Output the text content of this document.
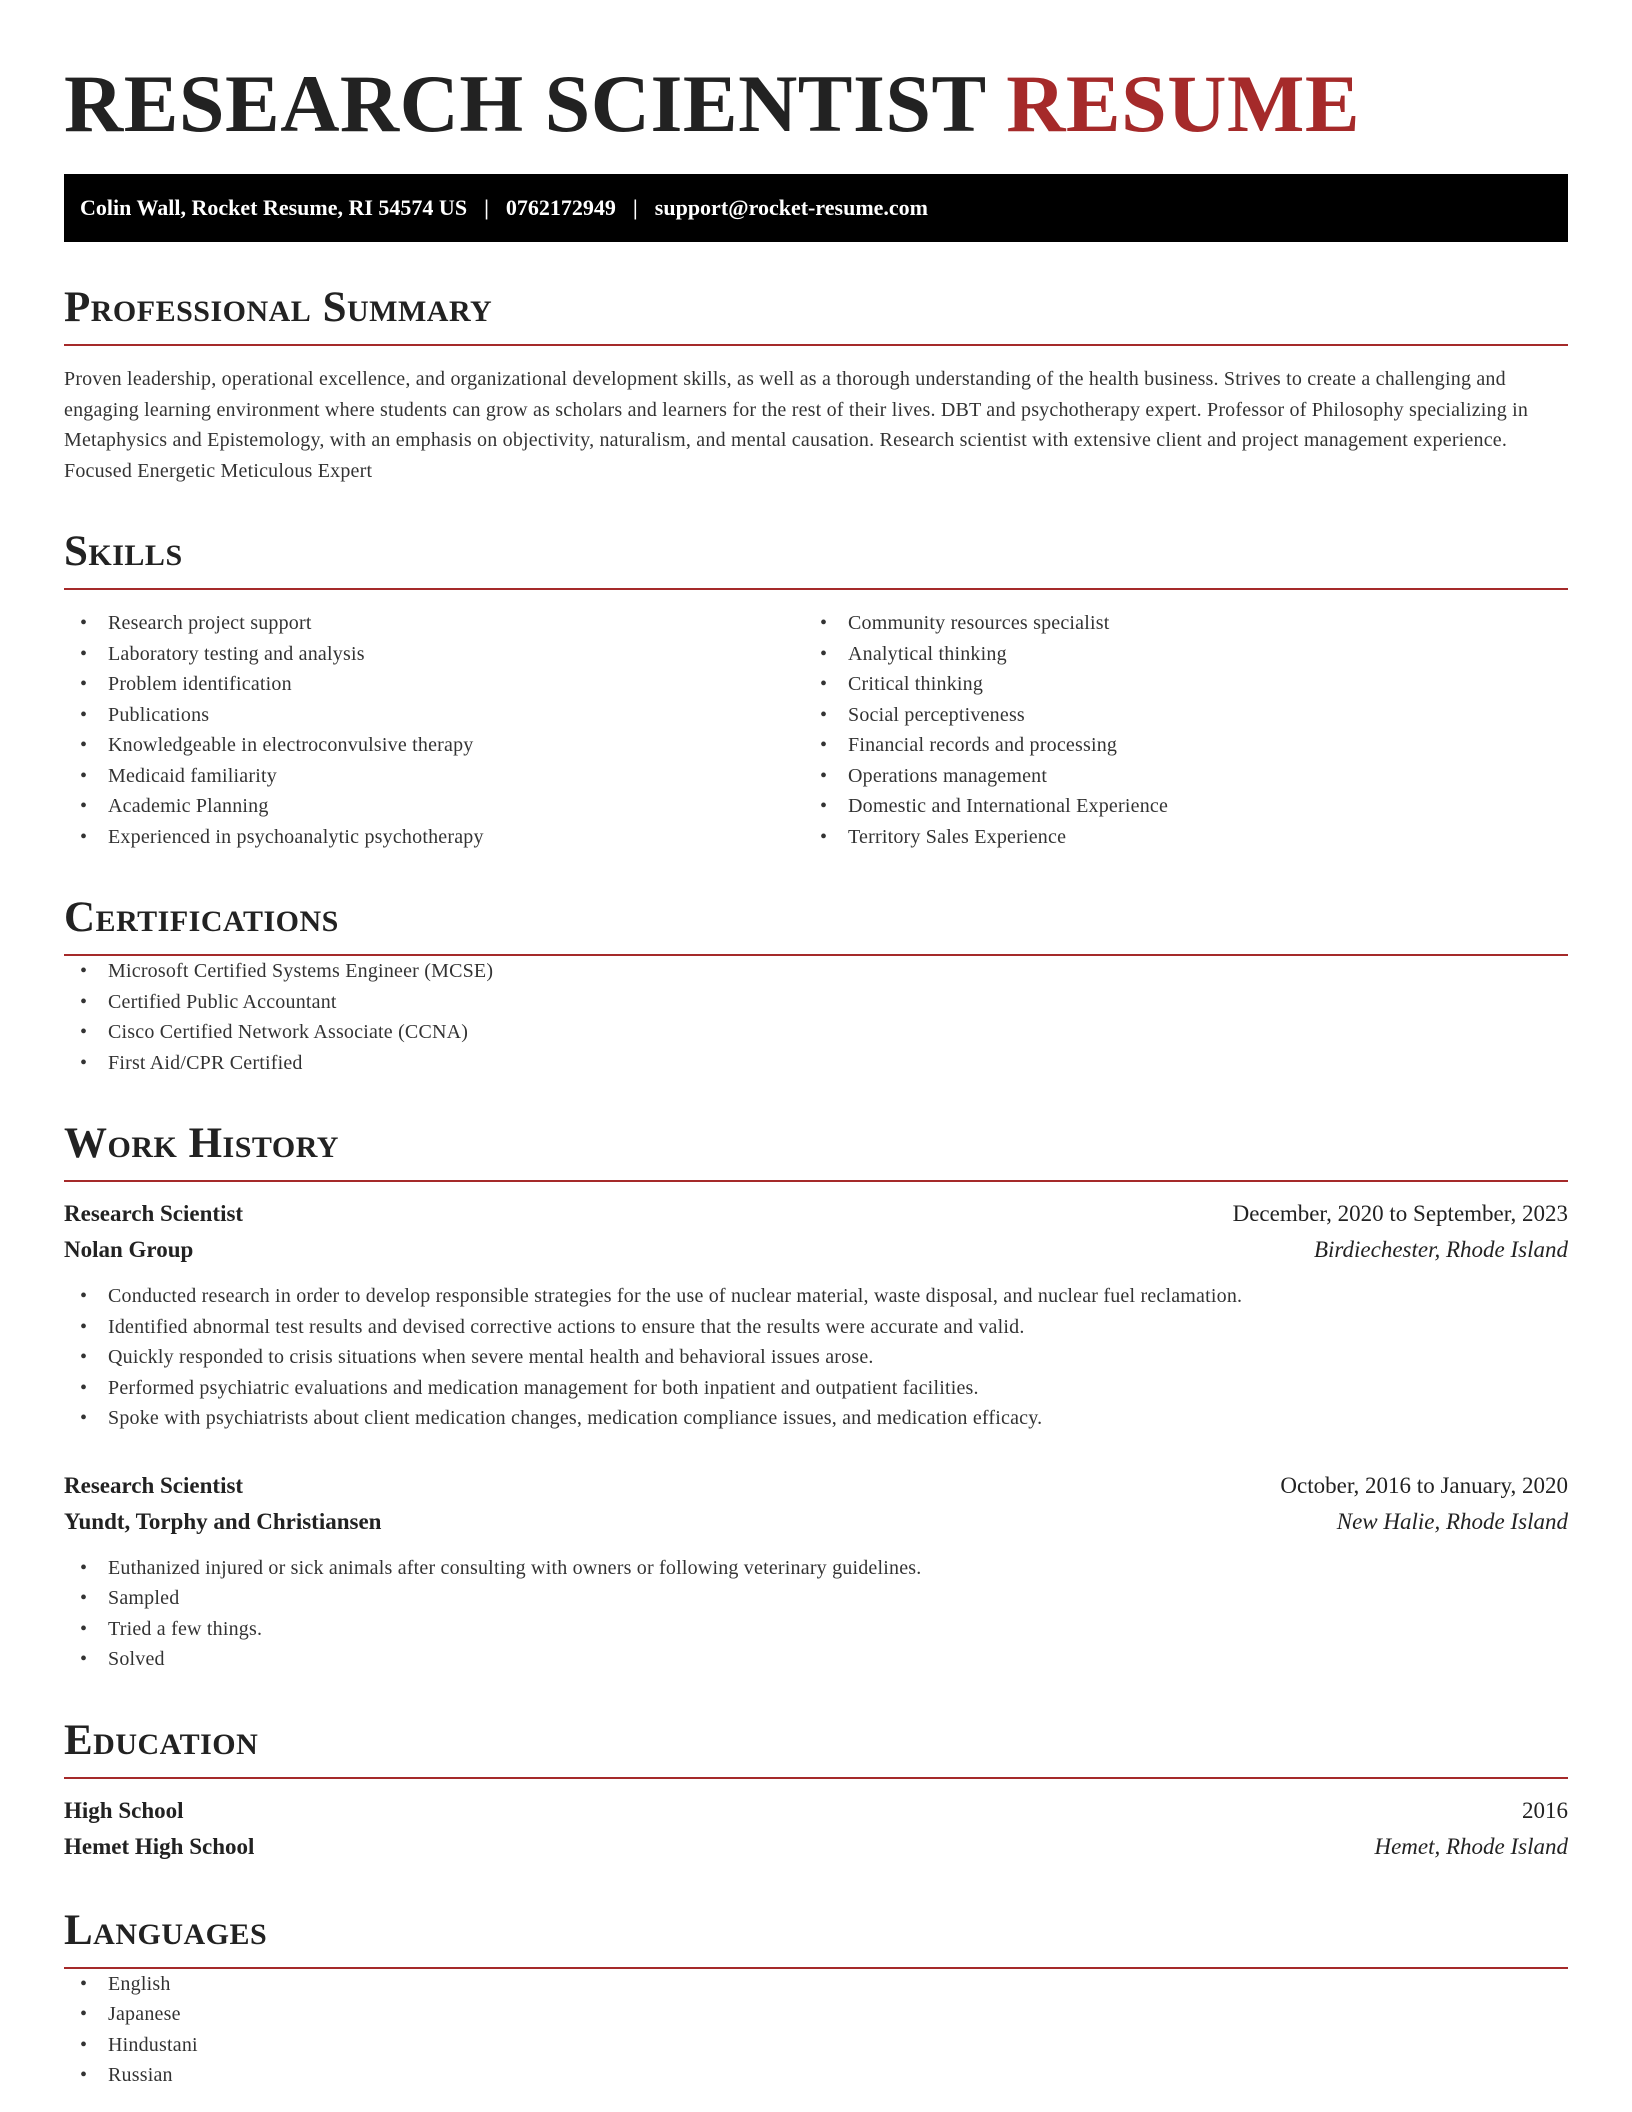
RESEARCH SCIENTIST RESUME
Colin Wall, Rocket Resume, RI 54574 US | 0762172949 | support@rocket-resume.com
Professional Summary

Proven leadership, operational excellence, and organizational development skills, as well as a thorough understanding of the health business. Strives to create a challenging and engaging learning environment where students can grow as scholars and learners for the rest of their lives. DBT and psychotherapy expert. Professor of Philosophy specializing in Metaphysics and Epistemology, with an emphasis on objectivity, naturalism, and mental causation. Research scientist with extensive client and project management experience. Focused Energetic Meticulous Expert

Skills
• Research project support
• Laboratory testing and analysis
• Problem identification
• Publications
• Knowledgeable in electroconvulsive therapy
• Medicaid familiarity
• Academic Planning
• Experienced in psychoanalytic psychotherapy
• Community resources specialist
• Analytical thinking
• Critical thinking
• Social perceptiveness
• Financial records and processing
• Operations management
• Domestic and International Experience
• Territory Sales Experience
Certifications
• Microsoft Certified Systems Engineer (MCSE)
• Certified Public Accountant
• Cisco Certified Network Associate (CCNA)
• First Aid/CPR Certified
Work History
Research Scientist	December, 2020 to September, 2023
Nolan Group	Birdiechester, Rhode Island
• Conducted research in order to develop responsible strategies for the use of nuclear material, waste disposal, and nuclear fuel reclamation.
• Identified abnormal test results and devised corrective actions to ensure that the results were accurate and valid.
• Quickly responded to crisis situations when severe mental health and behavioral issues arose.
• Performed psychiatric evaluations and medication management for both inpatient and outpatient facilities.
• Spoke with psychiatrists about client medication changes, medication compliance issues, and medication efficacy.
Research Scientist	October, 2016 to January, 2020
Yundt, Torphy and Christiansen	New Halie, Rhode Island
• Euthanized injured or sick animals after consulting with owners or following veterinary guidelines.
• Sampled
• Tried a few things.
• Solved
Education
High School	2016
Hemet High School	Hemet, Rhode Island
Languages
• English
• Japanese
• Hindustani
• Russian
